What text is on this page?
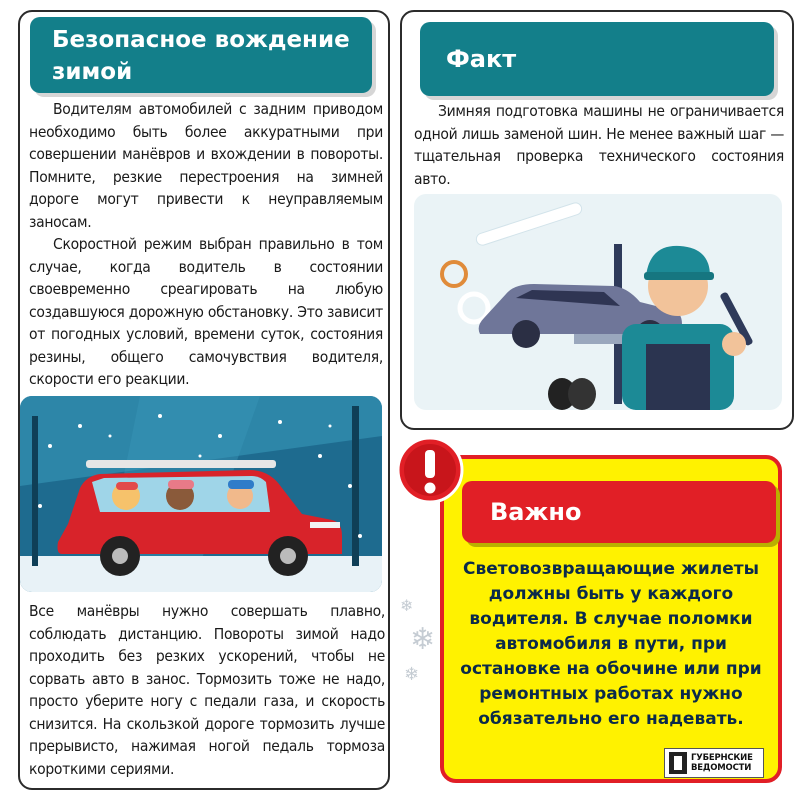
Водителям автомобилей с задним приводом необходимо быть более аккуратными при совершении манёвров и вхождении в повороты. Помните, резкие перестроения на зимней дороге могут привести к неуправляемым заносам.

Скоростной режим выбран правильно в том случае, когда водитель в состоянии своевременно среагировать на любую создавшуюся дорожную обстановку. Это зависит от погодных условий, времени суток, состояния резины, общего самочувствия водителя, скорости его реакции.

Все манёвры нужно совершать плавно, соблюдать дистанцию. Повороты зимой надо проходить без резких ускорений, чтобы не сорвать авто в занос. Тормозить тоже не надо, просто уберите ногу с педали газа, и скорость снизится. На скользкой дороге тормозить лучше прерывисто, нажимая ногой педаль тормоза короткими сериями.

Безопасное вождение зимой	Факт

Зимняя подготовка машины не ограничивается одной лишь заменой шин. Не менее важный шаг — тщательная проверка технического состояния авто.

Важно
Световозвращающие жилеты должны быть у каждого водителя. В случае поломки автомобиля в пути, при остановке на обочине или при ремонтных работах нужно обязательно его надевать.
❄
❄
❄
ГУБЕРНСКИЕ
ВЕДОМОСТИ
